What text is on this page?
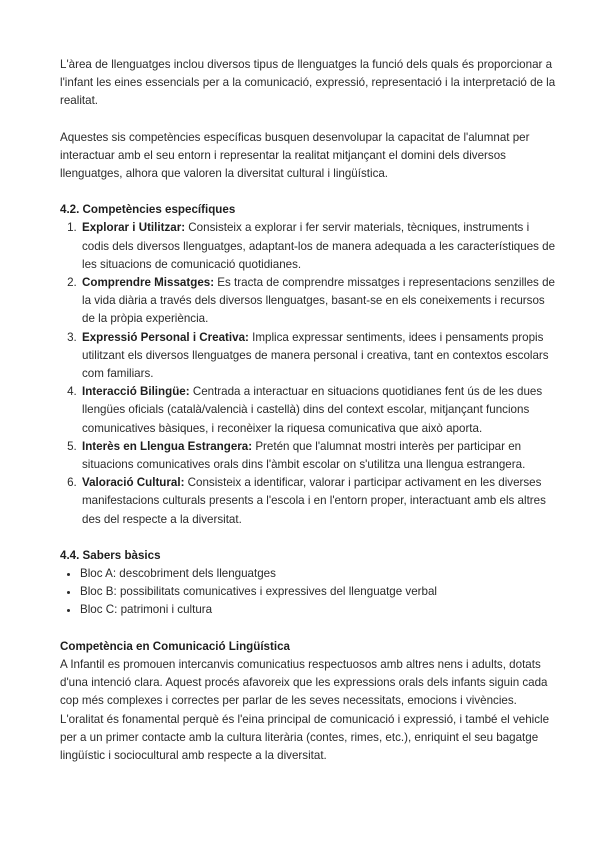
L'àrea de llenguatges inclou diversos tipus de llenguatges la funció dels quals és proporcionar a l'infant les eines essencials per a la comunicació, expressió, representació i la interpretació de la realitat.

Aquestes sis competències específicas busquen desenvolupar la capacitat de l'alumnat per interactuar amb el seu entorn i representar la realitat mitjançant el domini dels diversos llenguatges, alhora que valoren la diversitat cultural i lingüística.

4.2. Competències específiques
1. Explorar i Utilitzar: Consisteix a explorar i fer servir materials, tècniques, instruments i codis dels diversos llenguatges, adaptant-los de manera adequada a les característiques de les situacions de comunicació quotidianes.
2. Comprendre Missatges: Es tracta de comprendre missatges i representacions senzilles de la vida diària a través dels diversos llenguatges, basant-se en els coneixements i recursos de la pròpia experiència.
3. Expressió Personal i Creativa: Implica expressar sentiments, idees i pensaments propis utilitzant els diversos llenguatges de manera personal i creativa, tant en contextos escolars com familiars.
4. Interacció Bilingüe: Centrada a interactuar en situacions quotidianes fent ús de les dues llengües oficials (català/valencià i castellà) dins del context escolar, mitjançant funcions comunicatives bàsiques, i reconèixer la riquesa comunicativa que això aporta.
5. Interès en Llengua Estrangera: Pretén que l'alumnat mostri interès per participar en situacions comunicatives orals dins l'àmbit escolar on s'utilitza una llengua estrangera.
6. Valoració Cultural: Consisteix a identificar, valorar i participar activament en les diverses manifestacions culturals presents a l'escola i en l'entorn proper, interactuant amb els altres des del respecte a la diversitat.
4.4. Sabers bàsics
• Bloc A: descobriment dels llenguatges
• Bloc B: possibilitats comunicatives i expressives del llenguatge verbal
• Bloc C: patrimoni i cultura
Competència en Comunicació Lingüística

A Infantil es promouen intercanvis comunicatius respectuosos amb altres nens i adults, dotats d'una intenció clara. Aquest procés afavoreix que les expressions orals dels infants siguin cada cop més complexes i correctes per parlar de les seves necessitats, emocions i vivències.

L'oralitat és fonamental perquè és l'eina principal de comunicació i expressió, i també el vehicle per a un primer contacte amb la cultura literària (contes, rimes, etc.), enriquint el seu bagatge lingüístic i sociocultural amb respecte a la diversitat.
